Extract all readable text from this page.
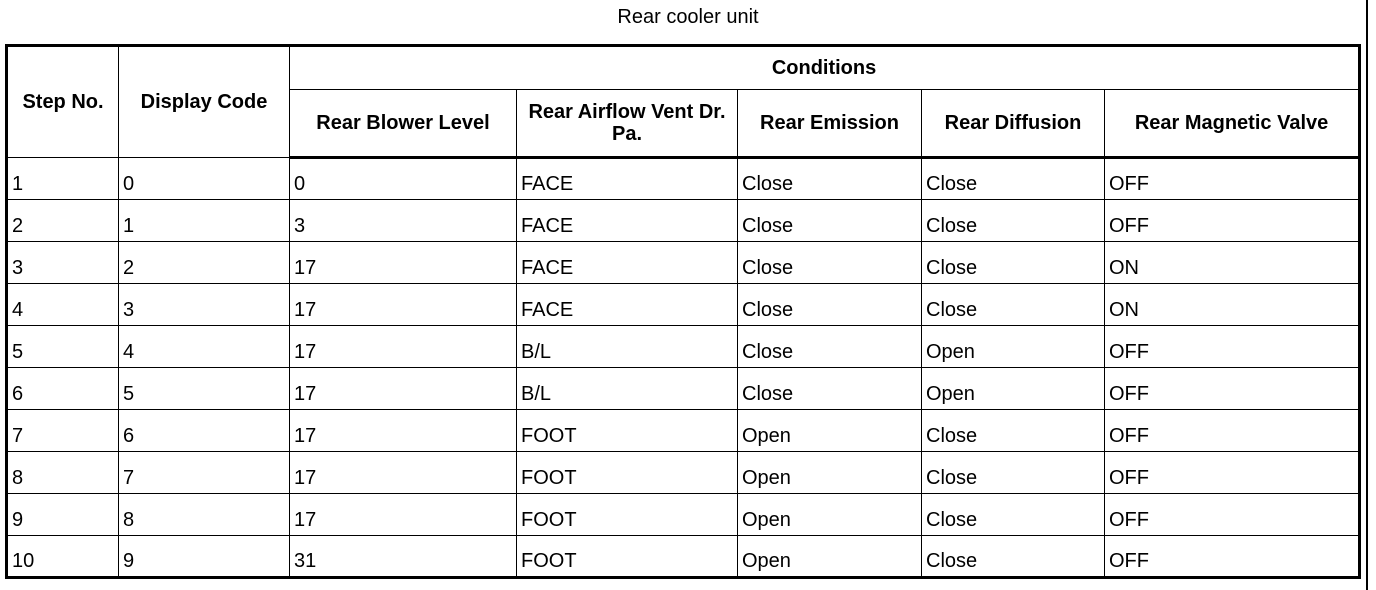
Rear cooler unit
Step No.	Display Code	Conditions				
		Rear Blower Level	Rear Airflow Vent Dr. Pa.	Rear Emission	Rear Diffusion	Rear Magnetic Valve
1	0	0	FACE	Close	Close	OFF
2	1	3	FACE	Close	Close	OFF
3	2	17	FACE	Close	Close	ON
4	3	17	FACE	Close	Close	ON
5	4	17	B/L	Close	Open	OFF
6	5	17	B/L	Close	Open	OFF
7	6	17	FOOT	Open	Close	OFF
8	7	17	FOOT	Open	Close	OFF
9	8	17	FOOT	Open	Close	OFF
10	9	31	FOOT	Open	Close	OFF
